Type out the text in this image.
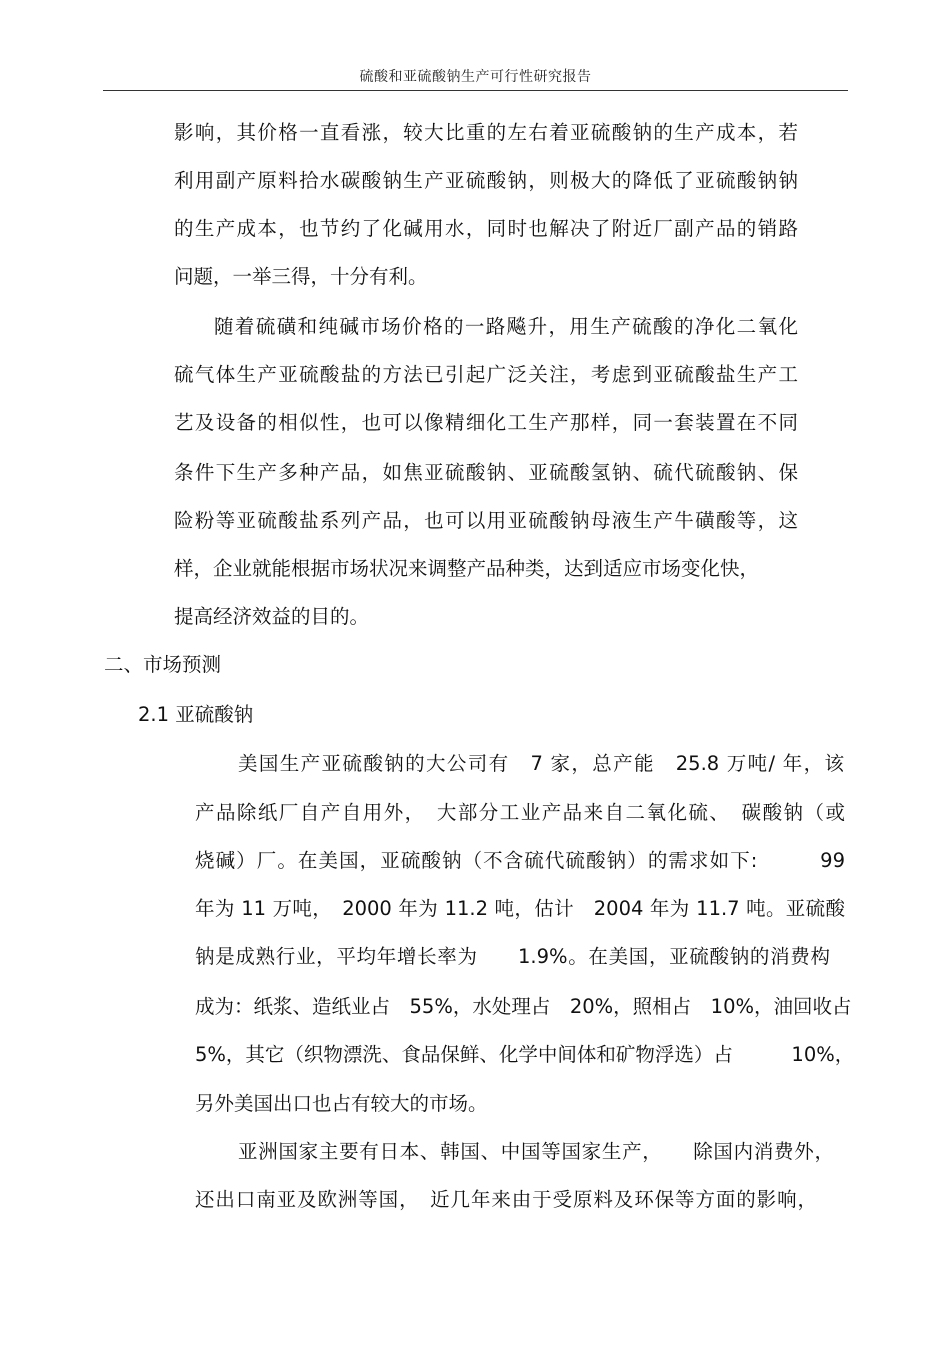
硫酸和亚硫酸钠生产可行性研究报告
影响，其价格一直看涨，较大比重的左右着亚硫酸钠的生产成本，若
利用副产原料拾水碳酸钠生产亚硫酸钠，则极大的降低了亚硫酸钠钠
的生产成本，也节约了化碱用水，同时也解决了附近厂副产品的销路
问题，一举三得，十分有利。
随着硫磺和纯碱市场价格的一路飚升，用生产硫酸的净化二氧化
硫气体生产亚硫酸盐的方法已引起广泛关注，考虑到亚硫酸盐生产工
艺及设备的相似性，也可以像精细化工生产那样，同一套装置在不同
条件下生产多种产品，如焦亚硫酸钠、亚硫酸氢钠、硫代硫酸钠、保
险粉等亚硫酸盐系列产品，也可以用亚硫酸钠母液生产牛磺酸等，这
样，企业就能根据市场状况来调整产品种类，达到适应市场变化快，
提高经济效益的目的。
二、市场预测
2.1 亚硫酸钠
美国生产亚硫酸钠的大公司有　7 家，总产能　25.8 万吨/ 年，该
产品除纸厂自产自用外，　大部分工业产品来自二氧化硫、　碳酸钠（或
烧碱）厂。在美国，亚硫酸钠（不含硫代硫酸钠）的需求如下:　　　99
年为 11 万吨，　2000 年为 11.2 吨，估计　2004 年为 11.7 吨。亚硫酸
钠是成熟行业，平均年增长率为　　1.9%。在美国，亚硫酸钠的消费构
成为：纸浆、造纸业占　55%，水处理占　20%，照相占　10%，油回收占
5%，其它（织物漂洗、食品保鲜、化学中间体和矿物浮选）占　　　10%，
另外美国出口也占有较大的市场。
亚洲国家主要有日本、韩国、中国等国家生产，　　除国内消费外，
还出口南亚及欧洲等国，　近几年来由于受原料及环保等方面的影响，
